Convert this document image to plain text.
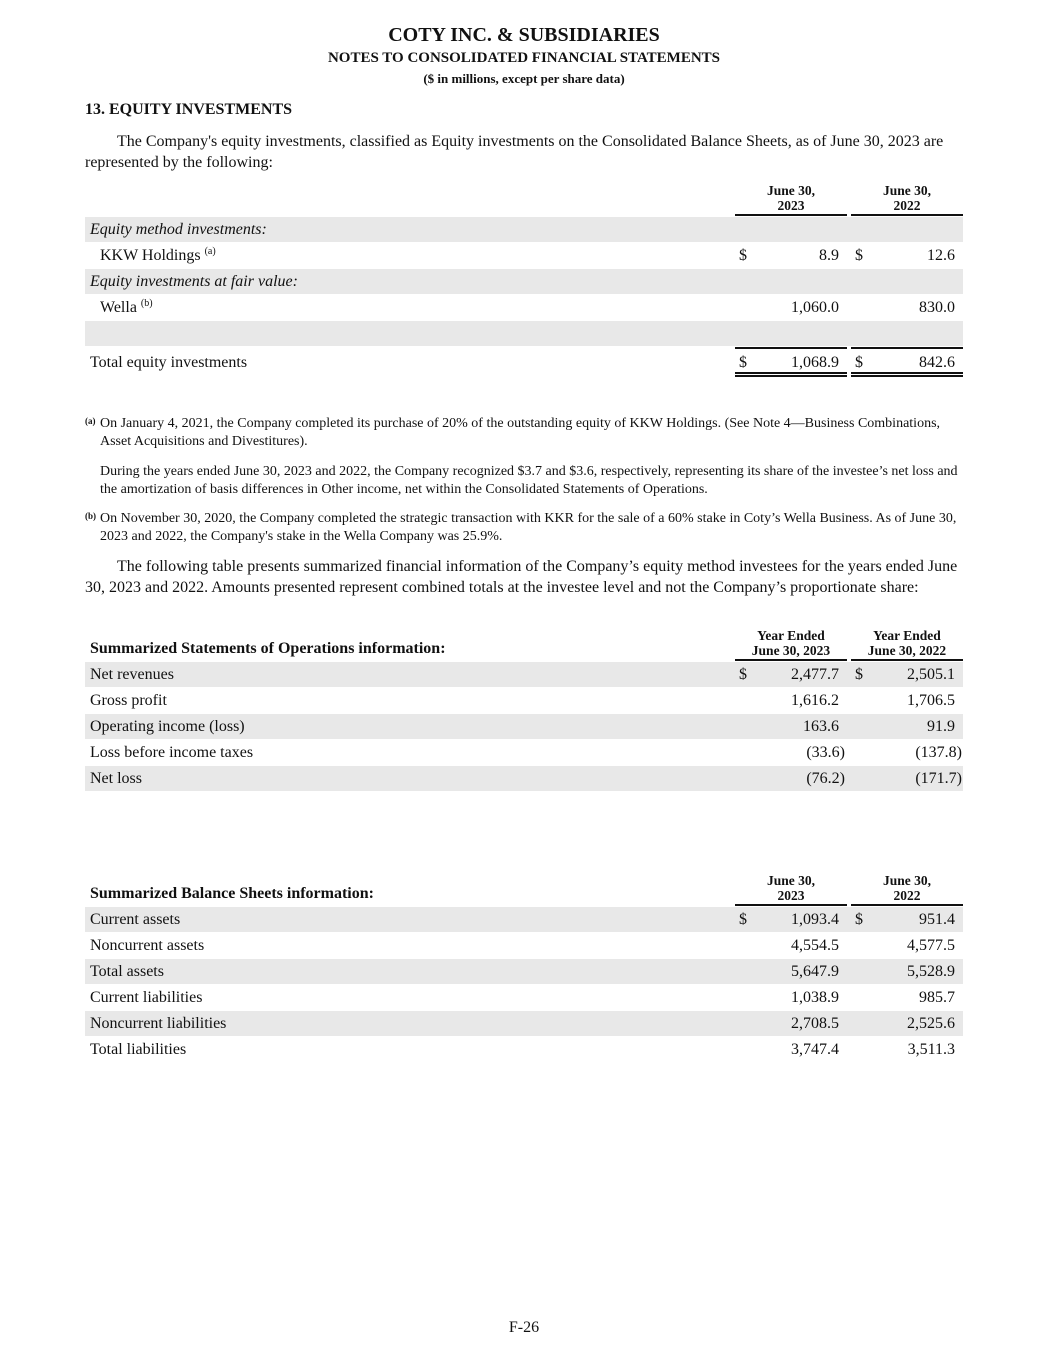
COTY INC. & SUBSIDIARIES
NOTES TO CONSOLIDATED FINANCIAL STATEMENTS
($ in millions, except per share data)
13. EQUITY INVESTMENTS
The Company's equity investments, classified as Equity investments on the Consolidated Balance Sheets, as of June 30, 2023 are represented by the following:
June 30,
2023
June 30,
2022
Equity method investments:
KKW Holdings $^{(a)}$	$	8.9 $	12.6
Equity investments at fair value:
Wella $^{(b)}$	1,060.0	830.0
Total equity investments	$	1,068.9 $	842.6
(a) On January 4, 2021, the Company completed its purchase of 20% of the outstanding equity of KKW Holdings. (See Note 4—Business Combinations, Asset Acquisitions and Divestitures).
During the years ended June 30, 2023 and 2022, the Company recognized $3.7 and $3.6, respectively, representing its share of the investee’s net loss and the amortization of basis differences in Other income, net within the Consolidated Statements of Operations.
(b) On November 30, 2020, the Company completed the strategic transaction with KKR for the sale of a 60% stake in Coty’s Wella Business. As of June 30, 2023 and 2022, the Company's stake in the Wella Company was 25.9%.
The following table presents summarized financial information of the Company’s equity method investees for the years ended June 30, 2023 and 2022. Amounts presented represent combined totals at the investee level and not the Company’s proportionate share:
Summarized Statements of Operations information:
Year Ended
June 30, 2023
Year Ended
June 30, 2022
Net revenues	$	2,477.7 $	2,505.1
Gross profit	1,616.2	1,706.5
Operating income (loss)	163.6	91.9
Loss before income taxes	(33.6)	(137.8)
Net loss	(76.2)	(171.7)
Summarized Balance Sheets information:
June 30,
2023
June 30,
2022
Current assets	$	1,093.4 $	951.4
Noncurrent assets	4,554.5	4,577.5
Total assets	5,647.9	5,528.9
Current liabilities	1,038.9	985.7
Noncurrent liabilities	2,708.5	2,525.6
Total liabilities	3,747.4	3,511.3
F-26
